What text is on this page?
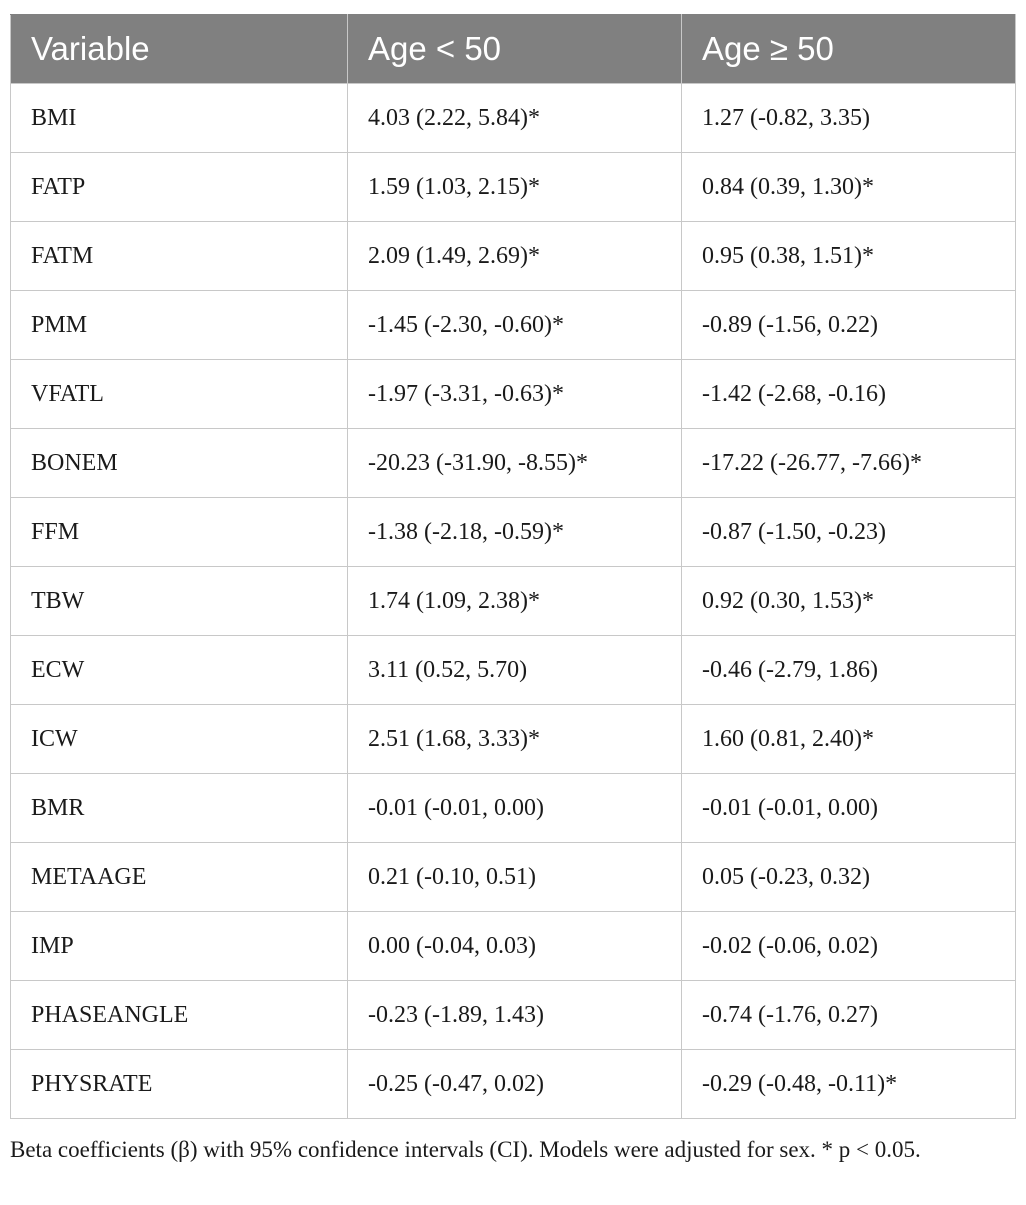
Variable	Age < 50	Age ≥ 50
BMI	4.03 (2.22, 5.84)*	1.27 (-0.82, 3.35)
FATP	1.59 (1.03, 2.15)*	0.84 (0.39, 1.30)*
FATM	2.09 (1.49, 2.69)*	0.95 (0.38, 1.51)*
PMM	-1.45 (-2.30, -0.60)*	-0.89 (-1.56, 0.22)
VFATL	-1.97 (-3.31, -0.63)*	-1.42 (-2.68, -0.16)
BONEM	-20.23 (-31.90, -8.55)*	-17.22 (-26.77, -7.66)*
FFM	-1.38 (-2.18, -0.59)*	-0.87 (-1.50, -0.23)
TBW	1.74 (1.09, 2.38)*	0.92 (0.30, 1.53)*
ECW	3.11 (0.52, 5.70)	-0.46 (-2.79, 1.86)
ICW	2.51 (1.68, 3.33)*	1.60 (0.81, 2.40)*
BMR	-0.01 (-0.01, 0.00)	-0.01 (-0.01, 0.00)
METAAGE	0.21 (-0.10, 0.51)	0.05 (-0.23, 0.32)
IMP	0.00 (-0.04, 0.03)	-0.02 (-0.06, 0.02)
PHASEANGLE	-0.23 (-1.89, 1.43)	-0.74 (-1.76, 0.27)
PHYSRATE	-0.25 (-0.47, 0.02)	-0.29 (-0.48, -0.11)*
Beta coefficients (β) with 95% confidence intervals (CI). Models were adjusted for sex. * p < 0.05.
